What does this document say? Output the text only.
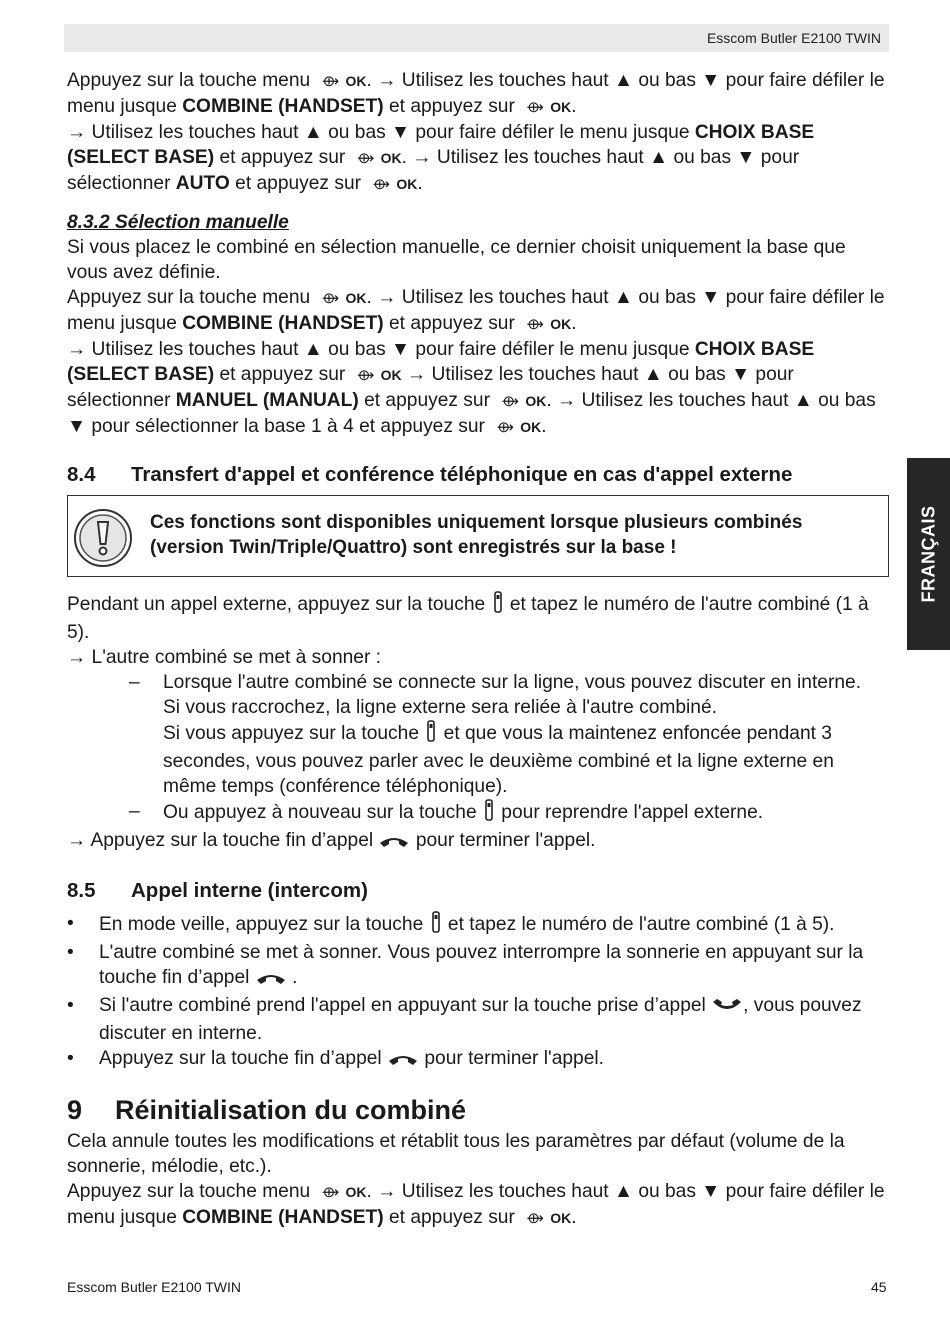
Esscom Butler E2100 TWIN
FRANÇAIS

Appuyez sur la touche menu ⟴ OK. → Utilisez les touches haut ▲ ou bas ▼ pour faire défiler le menu jusque COMBINE (HANDSET) et appuyez sur ⟴ OK.

→ Utilisez les touches haut ▲ ou bas ▼ pour faire défiler le menu jusque CHOIX BASE (SELECT BASE) et appuyez sur ⟴ OK. → Utilisez les touches haut ▲ ou bas ▼ pour sélectionner AUTO et appuyez sur ⟴ OK.

8.3.2 Sélection manuelle

Si vous placez le combiné en sélection manuelle, ce dernier choisit uniquement la base que vous avez définie.

Appuyez sur la touche menu ⟴ OK. → Utilisez les touches haut ▲ ou bas ▼ pour faire défiler le menu jusque COMBINE (HANDSET) et appuyez sur ⟴ OK.

→ Utilisez les touches haut ▲ ou bas ▼ pour faire défiler le menu jusque CHOIX BASE (SELECT BASE) et appuyez sur ⟴ OK → Utilisez les touches haut ▲ ou bas ▼ pour sélectionner MANUEL (MANUAL) et appuyez sur ⟴ OK. → Utilisez les touches haut ▲ ou bas ▼ pour sélectionner la base 1 à 4 et appuyez sur ⟴ OK.

8.4 Transfert d'appel et conférence téléphonique en cas d'appel externe

Ces fonctions sont disponibles uniquement lorsque plusieurs combinés (version Twin/Triple/Quattro) sont enregistrés sur la base !

Pendant un appel externe, appuyez sur la touche  et tapez le numéro de l'autre combiné (1 à 5).

→ L'autre combiné se met à sonner :

– Lorsque l'autre combiné se connecte sur la ligne, vous pouvez discuter en interne.
Si vous raccrochez, la ligne externe sera reliée à l'autre combiné.
Si vous appuyez sur la touche  et que vous la maintenez enfoncée pendant 3 secondes, vous pouvez parler avec le deuxième combiné et la ligne externe en même temps (conférence téléphonique).
– Ou appuyez à nouveau sur la touche  pour reprendre l'appel externe.

→ Appuyez sur la touche fin d’appel  pour terminer l'appel.

8.5 Appel interne (intercom)

• En mode veille, appuyez sur la touche  et tapez le numéro de l'autre combiné (1 à 5).
• L'autre combiné se met à sonner. Vous pouvez interrompre la sonnerie en appuyant sur la touche fin d’appel  .
• Si l'autre combiné prend l'appel en appuyant sur la touche prise d’appel , vous pouvez discuter en interne.
• Appuyez sur la touche fin d’appel  pour terminer l'appel.

9 Réinitialisation du combiné

Cela annule toutes les modifications et rétablit tous les paramètres par défaut (volume de la sonnerie, mélodie, etc.).

Appuyez sur la touche menu ⟴ OK. → Utilisez les touches haut ▲ ou bas ▼ pour faire défiler le menu jusque COMBINE (HANDSET) et appuyez sur ⟴ OK.

Esscom Butler E2100 TWIN	45
